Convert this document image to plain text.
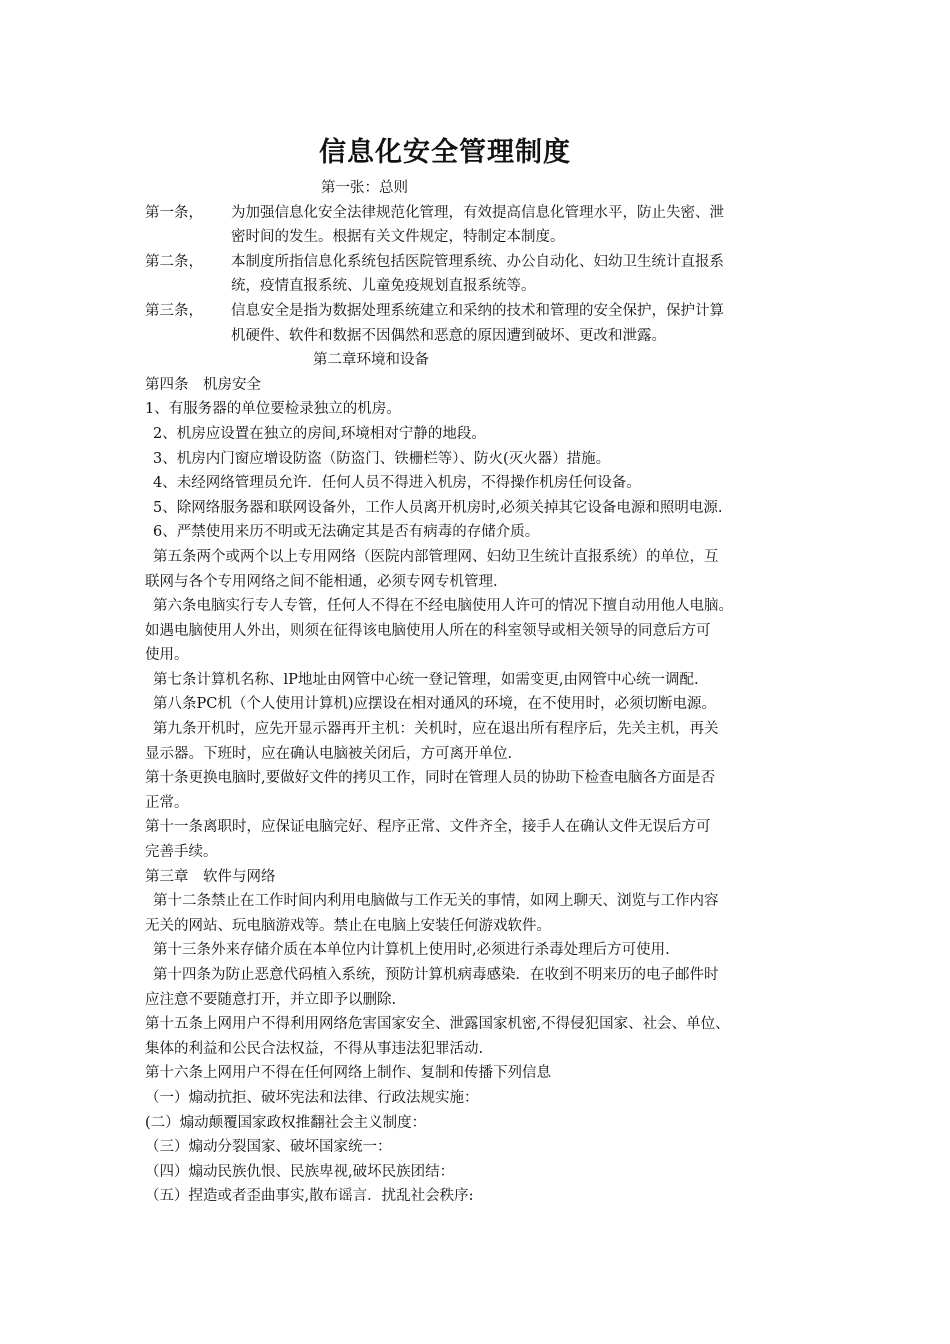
信息化安全管理制度
第一张：总则
第一条，	为加强信息化安全法律规范化管理，有效提高信息化管理水平，防止失密、泄
密时间的发生。根据有关文件规定，特制定本制度。
第二条，	本制度所指信息化系统包括医院管理系统、办公自动化、妇幼卫生统计直报系
统，疫情直报系统、儿童免疫规划直报系统等。
第三条，	信息安全是指为数据处理系统建立和采纳的技术和管理的安全保护，保护计算
机硬件、软件和数据不因偶然和恶意的原因遭到破坏、更改和泄露。
第二章环境和设备
第四条　机房安全
1、有服务器的单位要检录独立的机房。
2、机房应设置在独立的房间,环境相对宁静的地段。
3、机房内门窗应增设防盗（防盗门、铁栅栏等）、防火(灭火器）措施。
4、未经网络管理员允许．任何人员不得进入机房，不得操作机房任何设备。
5、除网络服务器和联网设备外，工作人员离开机房时,必须关掉其它设备电源和照明电源.
6、严禁使用来历不明或无法确定其是否有病毒的存储介质。
第五条两个或两个以上专用网络（医院内部管理网、妇幼卫生统计直报系统）的单位，互
联网与各个专用网络之间不能相通，必须专网专机管理.
第六条电脑实行专人专管，任何人不得在不经电脑使用人许可的情况下擅自动用他人电脑。
如遇电脑使用人外出，则须在征得该电脑使用人所在的科室领导或相关领导的同意后方可
使用。
第七条计算机名称、lP地址由网管中心统一登记管理，如需变更,由网管中心统一调配.
第八条PC机（个人使用计算机)应摆设在相对通风的环境，在不使用时，必须切断电源。
第九条开机时，应先开显示器再开主机：关机时，应在退出所有程序后，先关主机，再关
显示器。下班时，应在确认电脑被关闭后，方可离开单位.
第十条更换电脑时,要做好文件的拷贝工作，同时在管理人员的协助下检查电脑各方面是否
正常。
第十一条离职时，应保证电脑完好、程序正常、文件齐全，接手人在确认文件无误后方可
完善手续。
第三章　软件与网络
第十二条禁止在工作时间内利用电脑做与工作无关的事情，如网上聊天、浏览与工作内容
无关的网站、玩电脑游戏等。禁止在电脑上安装任何游戏软件。
第十三条外来存储介质在本单位内计算机上使用时,必须进行杀毒处理后方可使用.
第十四条为防止恶意代码植入系统，预防计算机病毒感染．在收到不明来历的电子邮件时
应注意不要随意打开，并立即予以删除.
第十五条上网用户不得利用网络危害国家安全、泄露国家机密,不得侵犯国家、社会、单位、
集体的利益和公民合法权益，不得从事违法犯罪活动.
第十六条上网用户不得在任何网络上制作、复制和传播下列信息
（一）煽动抗拒、破坏宪法和法律、行政法规实施：
(二）煽动颠覆国家政权推翻社会主义制度：
（三）煽动分裂国家、破坏国家统一：
（四）煽动民族仇恨、民族卑视,破坏民族团结：
（五）捏造或者歪曲事实,散布谣言．扰乱社会秩序:
